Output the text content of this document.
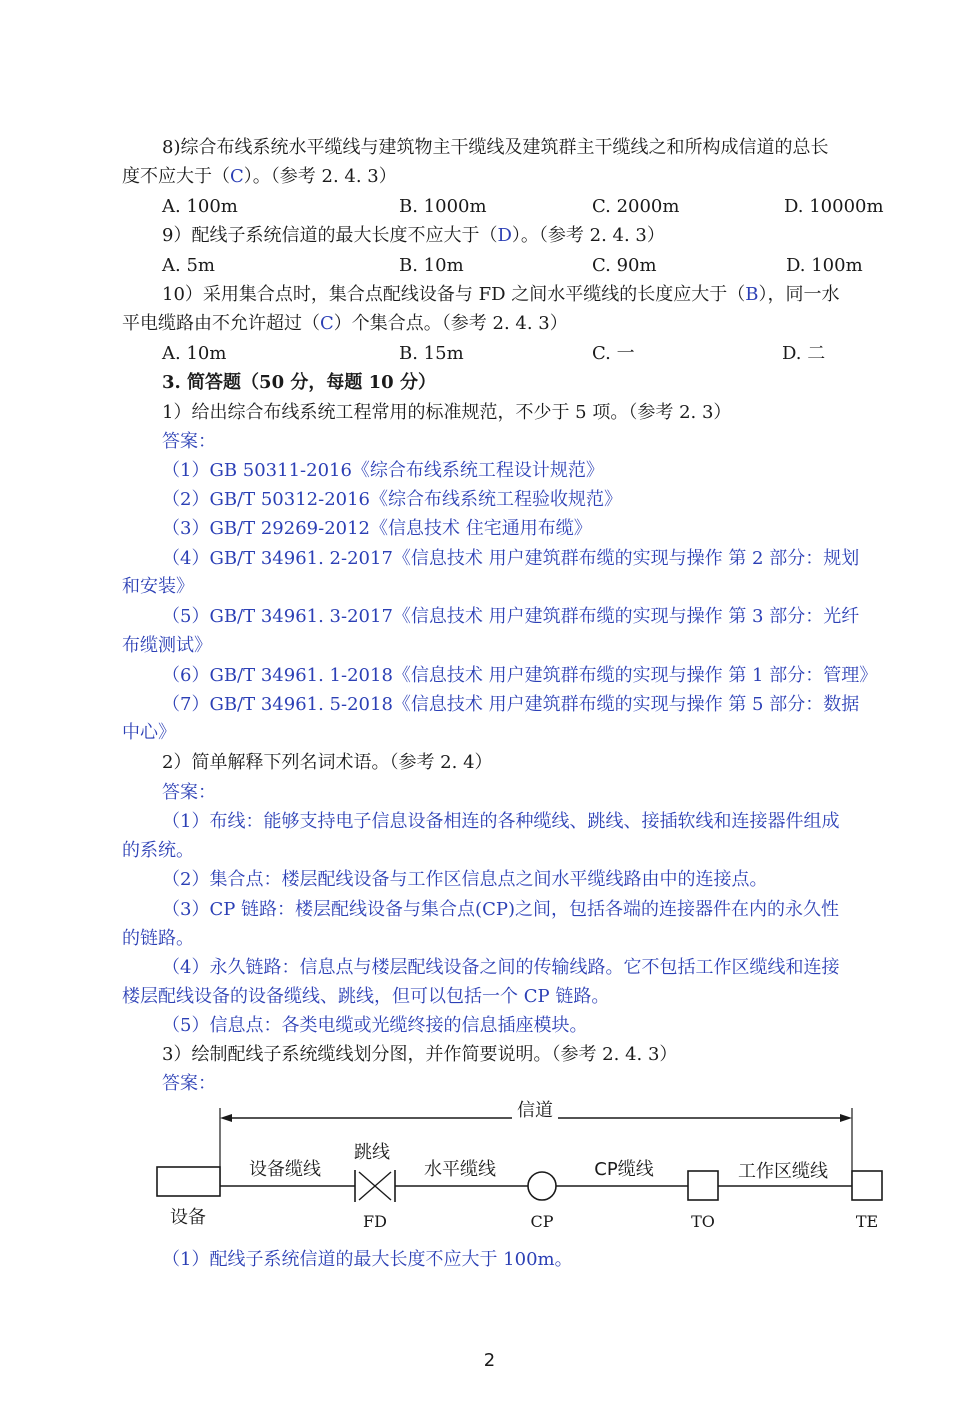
8)综合布线系统水平缆线与建筑物主干缆线及建筑群主干缆线之和所构成信道的总长
度不应大于（C）。（参考 2. 4. 3）
A. 100m	B. 1000m	C. 2000m	D. 10000m
9）配线子系统信道的最大长度不应大于（D）。（参考 2. 4. 3）
A. 5m	B. 10m	C. 90m	D. 100m
10）采用集合点时，集合点配线设备与 FD 之间水平缆线的长度应大于（B），同一水
平电缆路由不允许超过（C）个集合点。（参考 2. 4. 3）
A. 10m	B. 15m	C. 一	D. 二
3. 简答题（50 分，每题 10 分）
1）给出综合布线系统工程常用的标准规范，不少于 5 项。（参考 2. 3）
答案：
（1）GB 50311-2016《综合布线系统工程设计规范》
（2）GB/T 50312-2016《综合布线系统工程验收规范》
（3）GB/T 29269-2012《信息技术 住宅通用布缆》
（4）GB/T 34961. 2-2017《信息技术 用户建筑群布缆的实现与操作 第 2 部分：规划
和安装》
（5）GB/T 34961. 3-2017《信息技术 用户建筑群布缆的实现与操作 第 3 部分：光纤
布缆测试》
（6）GB/T 34961. 1-2018《信息技术 用户建筑群布缆的实现与操作 第 1 部分：管理》
（7）GB/T 34961. 5-2018《信息技术 用户建筑群布缆的实现与操作 第 5 部分：数据
中心》
2）简单解释下列名词术语。（参考 2. 4）
答案：
（1）布线：能够支持电子信息设备相连的各种缆线、跳线、接插软线和连接器件组成
的系统。
（2）集合点：楼层配线设备与工作区信息点之间水平缆线路由中的连接点。
（3）CP 链路：楼层配线设备与集合点(CP)之间，包括各端的连接器件在内的永久性
的链路。
（4）永久链路：信息点与楼层配线设备之间的传输线路。它不包括工作区缆线和连接
楼层配线设备的设备缆线、跳线，但可以包括一个 CP 链路。
（5）信息点：各类电缆或光缆终接的信息插座模块。
3）绘制配线子系统缆线划分图，并作简要说明。（参考 2. 4. 3）
答案：
信道
设备
跳线
FD	CP	TO	TE
设备缆线	水平缆线	CP缆线	工作区缆线
（1）配线子系统信道的最大长度不应大于 100m。
2
